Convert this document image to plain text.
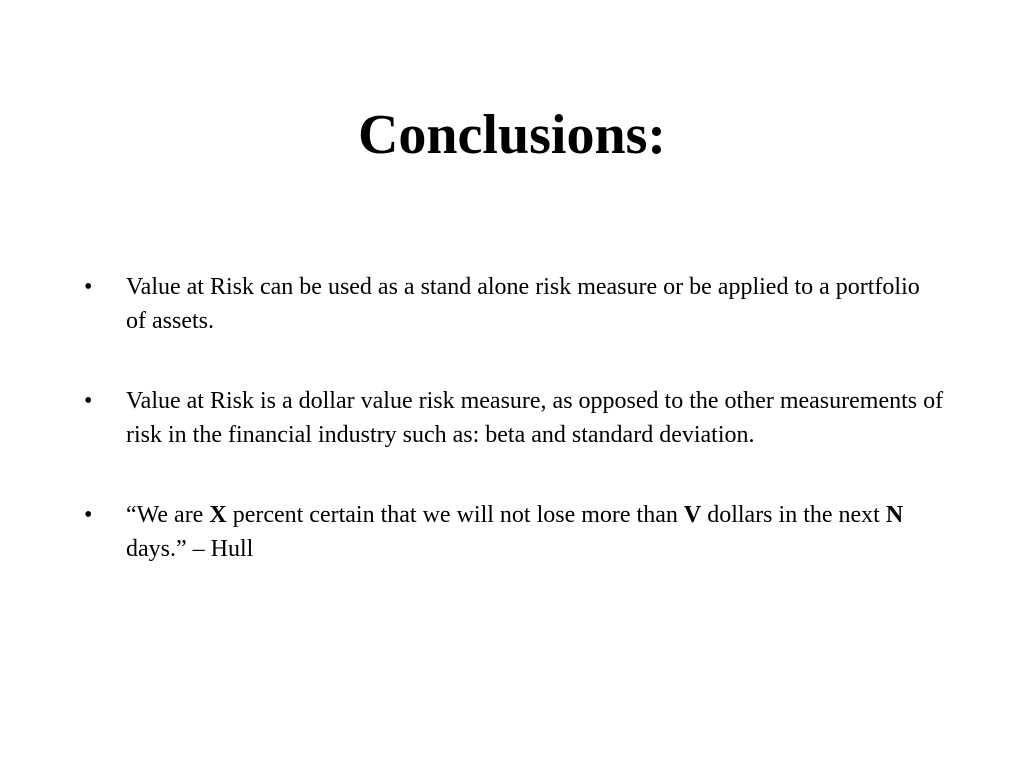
Conclusions:
•	Value at Risk can be used as a stand alone risk measure or be applied to a portfolio of assets.
•	Value at Risk is a dollar value risk measure, as opposed to the other measurements of risk in the financial industry such as: beta and standard deviation.
•	“We are X percent certain that we will not lose more than V dollars in the next N days.” – Hull
